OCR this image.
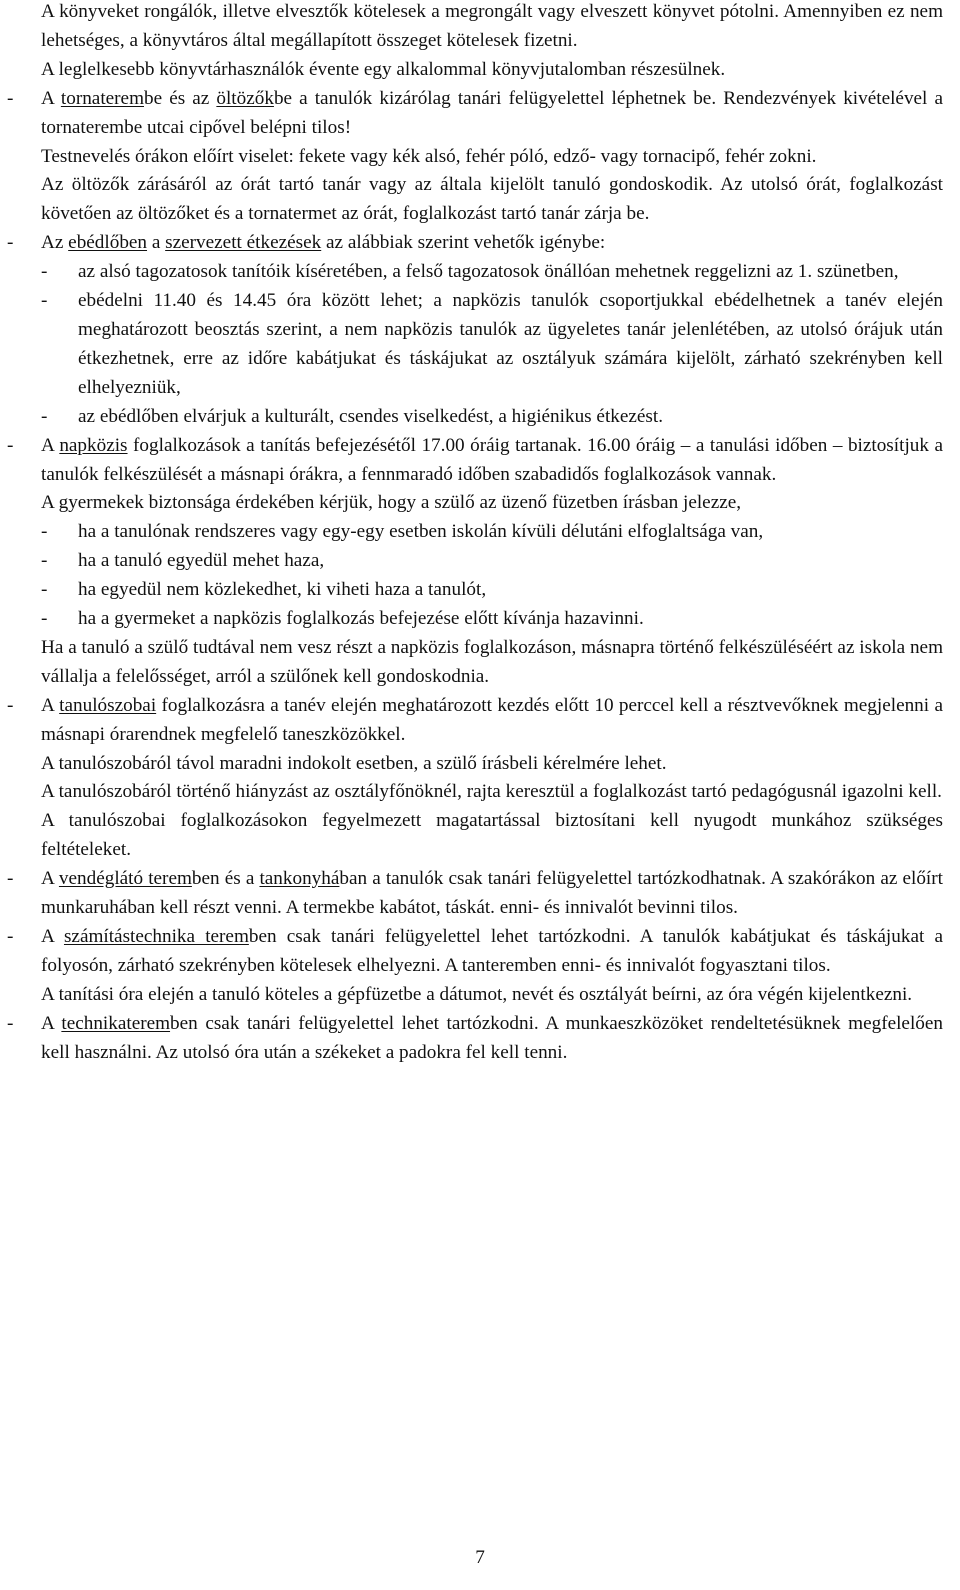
A könyveket rongálók, illetve elvesztők kötelesek a megrongált vagy elveszett könyvet pótolni. Amennyiben ez nem lehetséges, a könyvtáros által megállapított összeget kötelesek fizetni.
A leglelkesebb könyvtárhasználók évente egy alkalommal könyvjutalomban részesülnek.
- A tornaterembe és az öltözőkbe a tanulók kizárólag tanári felügyelettel léphetnek be. Rendezvények kivételével a tornaterembe utcai cipővel belépni tilos!
Testnevelés órákon előírt viselet: fekete vagy kék alsó, fehér póló, edző- vagy tornacipő, fehér zokni.
Az öltözők zárásáról az órát tartó tanár vagy az általa kijelölt tanuló gondoskodik. Az utolsó órát, foglalkozást követően az öltözőket és a tornatermet az órát, foglalkozást tartó tanár zárja be.
- Az ebédlőben a szervezett étkezések az alábbiak szerint vehetők igénybe:
- az alsó tagozatosok tanítóik kíséretében, a felső tagozatosok önállóan mehetnek reggelizni az 1. szünetben,
- ebédelni 11.40 és 14.45 óra között lehet; a napközis tanulók csoportjukkal ebédelhetnek a tanév elején meghatározott beosztás szerint, a nem napközis tanulók az ügyeletes tanár jelenlétében, az utolsó órájuk után étkezhetnek, erre az időre kabátjukat és táskájukat az osztályuk számára kijelölt, zárható szekrényben kell elhelyezniük,
- az ebédlőben elvárjuk a kulturált, csendes viselkedést, a higiénikus étkezést.
- A napközis foglalkozások a tanítás befejezésétől 17.00 óráig tartanak. 16.00 óráig – a tanulási időben – biztosítjuk a tanulók felkészülését a másnapi órákra, a fennmaradó időben szabadidős foglalkozások vannak.
A gyermekek biztonsága érdekében kérjük, hogy a szülő az üzenő füzetben írásban jelezze,
- ha a tanulónak rendszeres vagy egy-egy esetben iskolán kívüli délutáni elfoglaltsága van,
- ha a tanuló egyedül mehet haza,
- ha egyedül nem közlekedhet, ki viheti haza a tanulót,
- ha a gyermeket a napközis foglalkozás befejezése előtt kívánja hazavinni.
Ha a tanuló a szülő tudtával nem vesz részt a napközis foglalkozáson, másnapra történő felkészüléséért az iskola nem vállalja a felelősséget, arról a szülőnek kell gondoskodnia.
- A tanulószobai foglalkozásra a tanév elején meghatározott kezdés előtt 10 perccel kell a résztvevőknek megjelenni a másnapi órarendnek megfelelő taneszközökkel.
A tanulószobáról távol maradni indokolt esetben, a szülő írásbeli kérelmére lehet.
A tanulószobáról történő hiányzást az osztályfőnöknél, rajta keresztül a foglalkozást tartó pedagógusnál igazolni kell.
A tanulószobai foglalkozásokon fegyelmezett magatartással biztosítani kell nyugodt munkához szükséges feltételeket.
- A vendéglátó teremben és a tankonyhában a tanulók csak tanári felügyelettel tartózkodhatnak. A szakórákon az előírt munkaruhában kell részt venni. A termekbe kabátot, táskát. enni- és innivalót bevinni tilos.
- A számítástechnika teremben csak tanári felügyelettel lehet tartózkodni. A tanulók kabátjukat és táskájukat a folyosón, zárható szekrényben kötelesek elhelyezni. A tanteremben enni- és innivalót fogyasztani tilos.
A tanítási óra elején a tanuló köteles a gépfüzetbe a dátumot, nevét és osztályát beírni, az óra végén kijelentkezni.
- A technikateremben csak tanári felügyelettel lehet tartózkodni. A munkaeszközöket rendeltetésüknek megfelelően kell használni. Az utolsó óra után a székeket a padokra fel kell tenni.
7
